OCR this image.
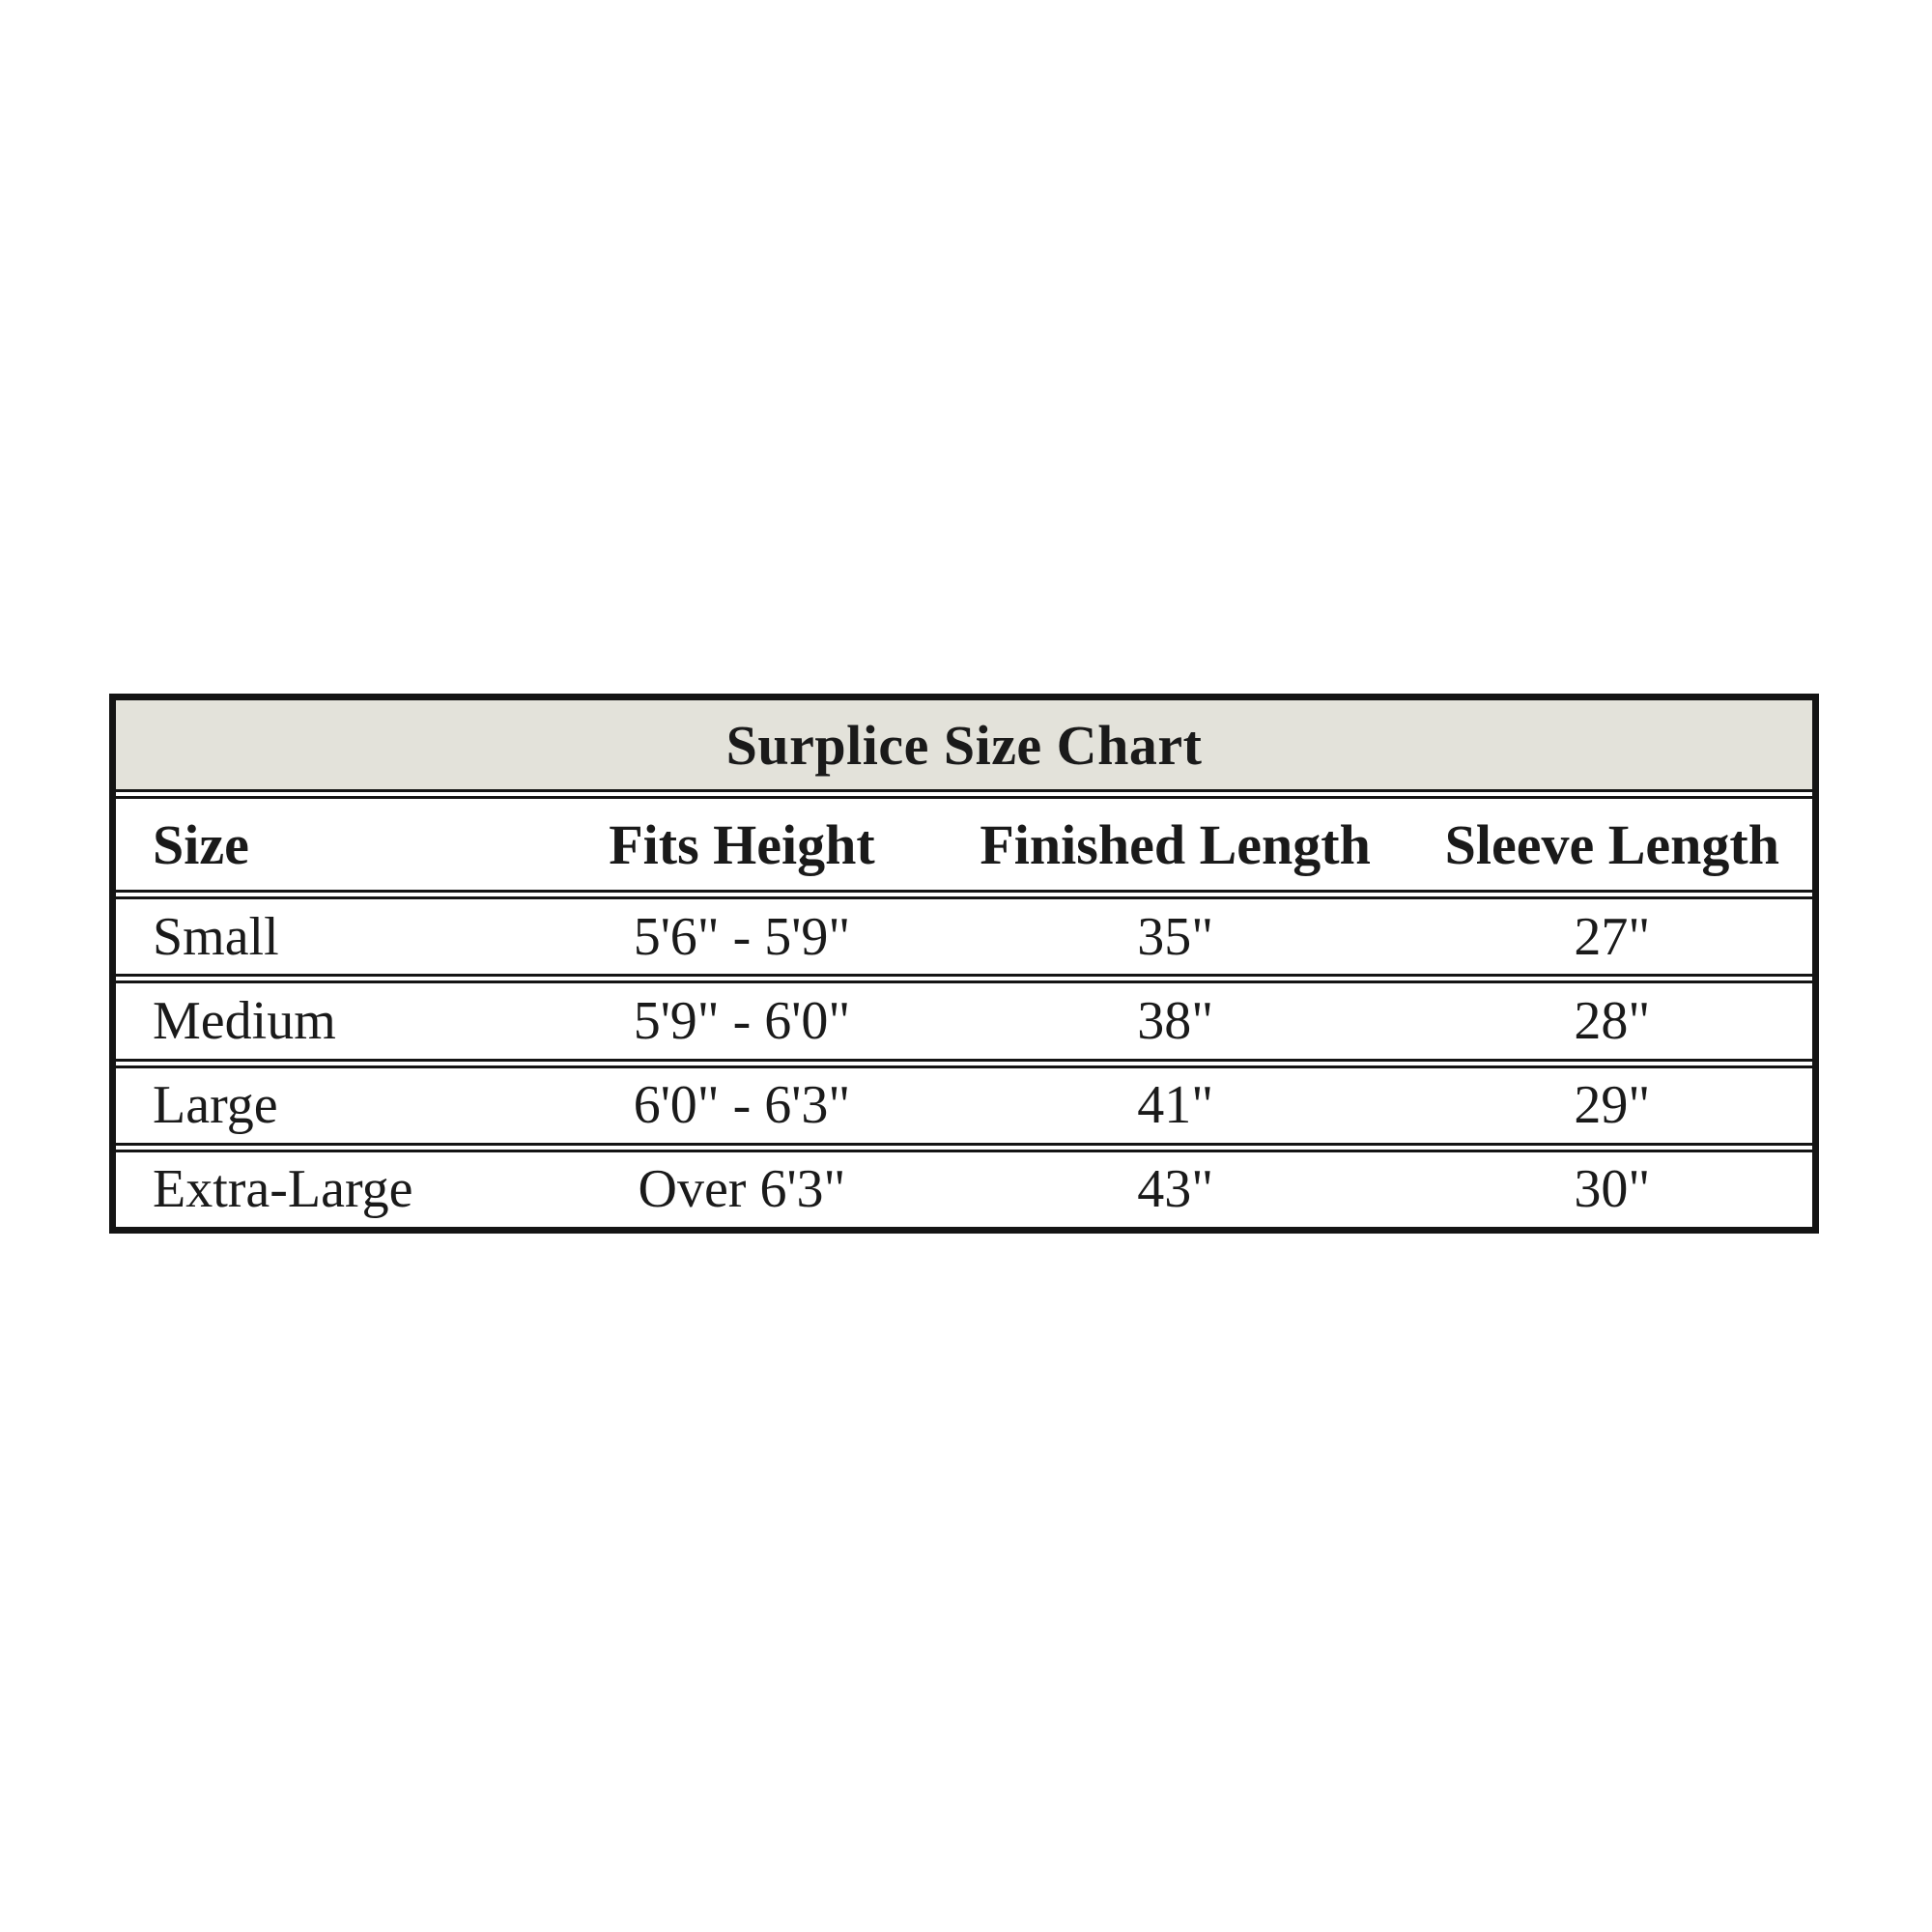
Surplice Size Chart
Size	Fits Height	Finished Length	Sleeve Length
Small	5'6" - 5'9"	35"	27"
Medium	5'9" - 6'0"	38"	28"
Large	6'0" - 6'3"	41"	29"
Extra-Large	Over 6'3"	43"	30"
